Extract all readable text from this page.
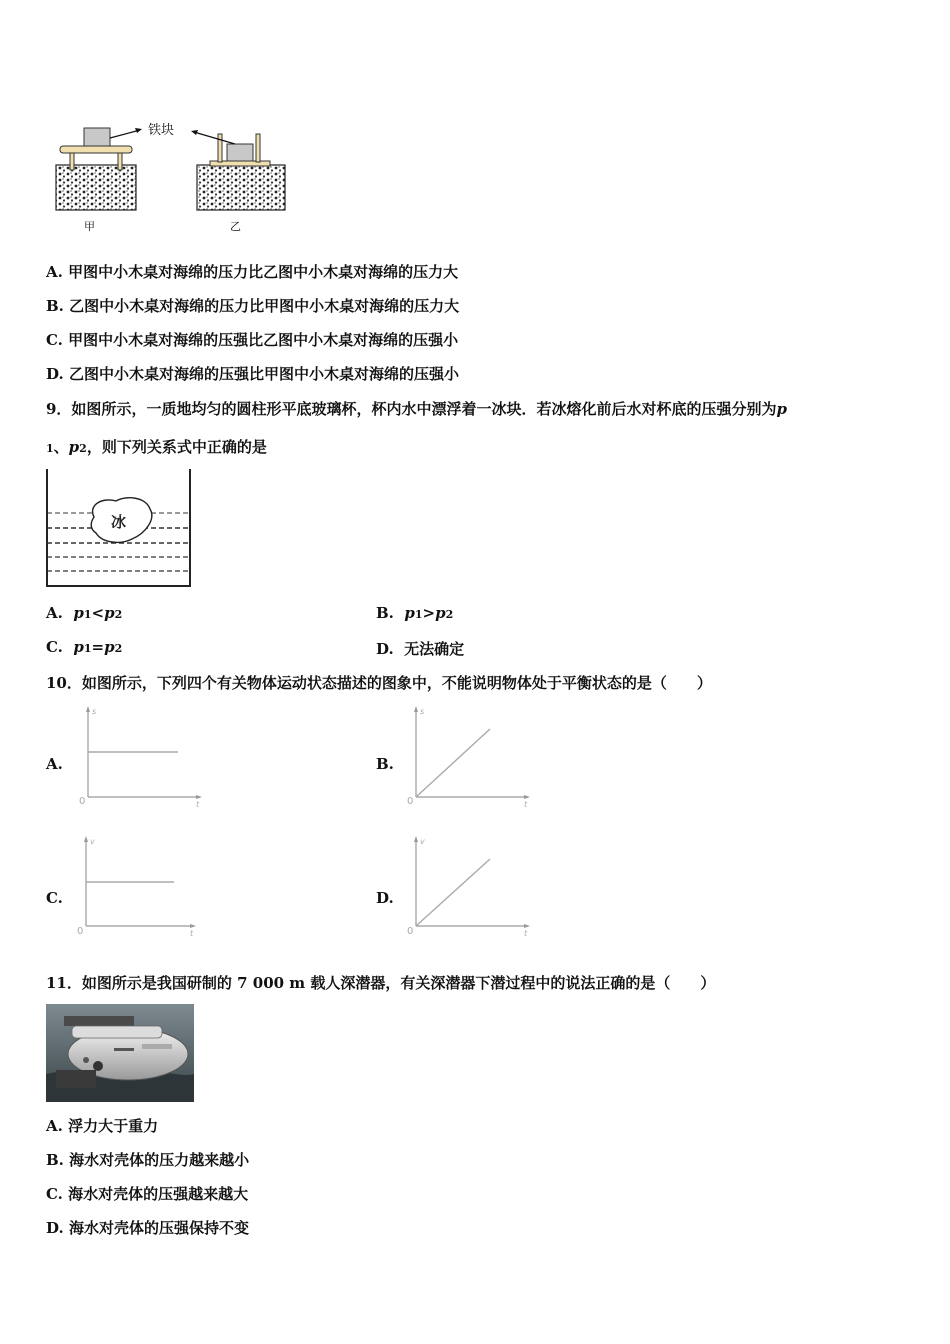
铁块
甲	乙
A. 甲图中小木桌对海绵的压力比乙图中小木桌对海绵的压力大
B. 乙图中小木桌对海绵的压力比甲图中小木桌对海绵的压力大
C. 甲图中小木桌对海绵的压强比乙图中小木桌对海绵的压强小
D. 乙图中小木桌对海绵的压强比甲图中小木桌对海绵的压强小
9．如图所示，一质地均匀的圆柱形平底玻璃杯，杯内水中漂浮着一冰块．若冰熔化前后水对杯底的压强分别为p
1、p2，则下列关系式中正确的是
冰
A. p1<p2	B. p1>p2
C. p1=p2	D. 无法确定
10．如图所示，下列四个有关物体运动状态描述的图象中，不能说明物体处于平衡状态的是（　　）
A.
s
t
0
B.
s
t
0
C.
v
t
0
D.
v
t
0
11．如图所示是我国研制的 7 000 m 载人深潜器，有关深潜器下潜过程中的说法正确的是（　　）
A. 浮力大于重力
B. 海水对壳体的压力越来越小
C. 海水对壳体的压强越来越大
D. 海水对壳体的压强保持不变
